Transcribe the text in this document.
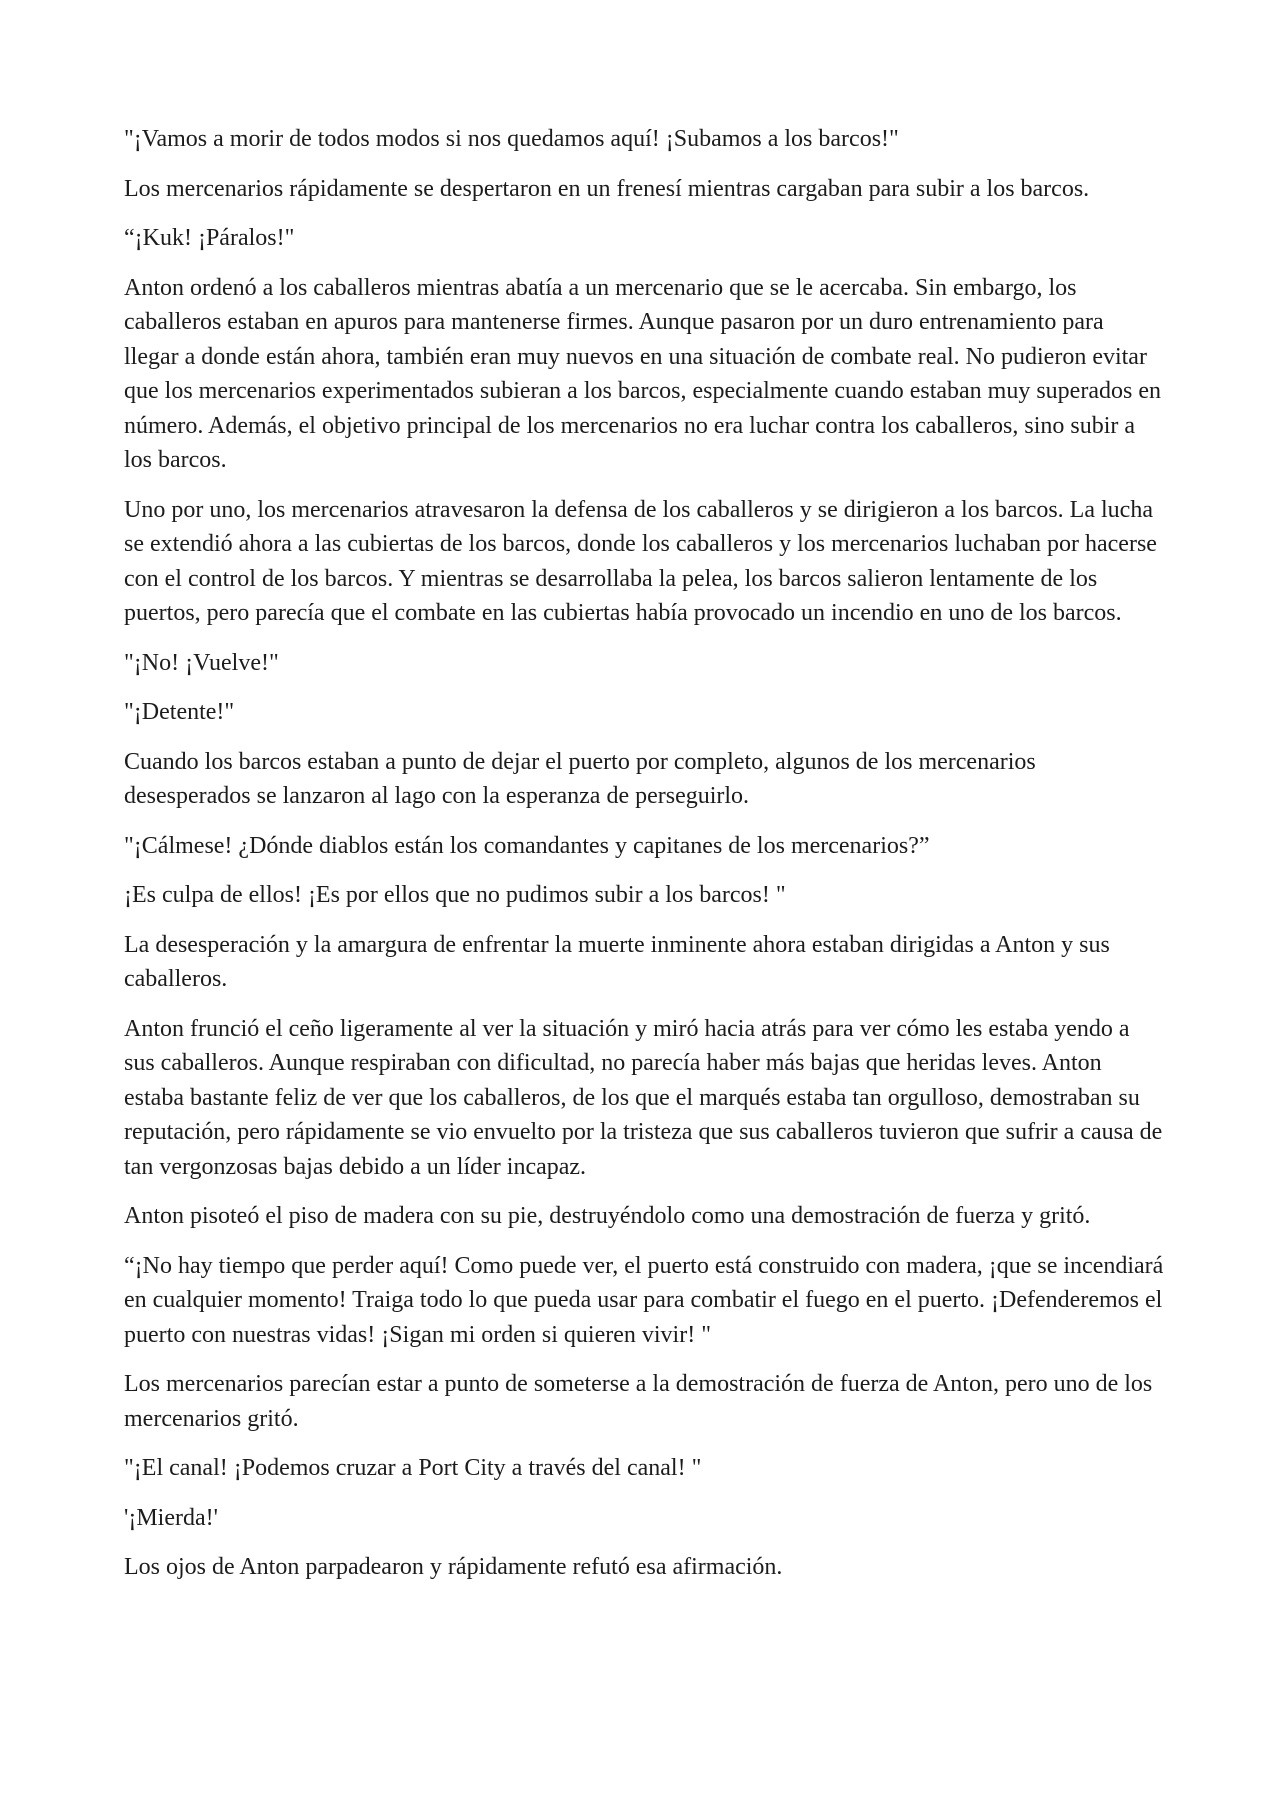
"¡Vamos a morir de todos modos si nos quedamos aquí! ¡Subamos a los barcos!"

Los mercenarios rápidamente se despertaron en un frenesí mientras cargaban para subir a los barcos.

“¡Kuk! ¡Páralos!"

Anton ordenó a los caballeros mientras abatía a un mercenario que se le acercaba. Sin embargo, los caballeros estaban en apuros para mantenerse firmes. Aunque pasaron por un duro entrenamiento para llegar a donde están ahora, también eran muy nuevos en una situación de combate real. No pudieron evitar que los mercenarios experimentados subieran a los barcos, especialmente cuando estaban muy superados en número. Además, el objetivo principal de los mercenarios no era luchar contra los caballeros, sino subir a los barcos.

Uno por uno, los mercenarios atravesaron la defensa de los caballeros y se dirigieron a los barcos. La lucha se extendió ahora a las cubiertas de los barcos, donde los caballeros y los mercenarios luchaban por hacerse con el control de los barcos. Y mientras se desarrollaba la pelea, los barcos salieron lentamente de los puertos, pero parecía que el combate en las cubiertas había provocado un incendio en uno de los barcos.

"¡No! ¡Vuelve!"

"¡Detente!"

Cuando los barcos estaban a punto de dejar el puerto por completo, algunos de los mercenarios desesperados se lanzaron al lago con la esperanza de perseguirlo.

"¡Cálmese! ¿Dónde diablos están los comandantes y capitanes de los mercenarios?”

¡Es culpa de ellos! ¡Es por ellos que no pudimos subir a los barcos! "

La desesperación y la amargura de enfrentar la muerte inminente ahora estaban dirigidas a Anton y sus caballeros.

Anton frunció el ceño ligeramente al ver la situación y miró hacia atrás para ver cómo les estaba yendo a sus caballeros. Aunque respiraban con dificultad, no parecía haber más bajas que heridas leves. Anton estaba bastante feliz de ver que los caballeros, de los que el marqués estaba tan orgulloso, demostraban su reputación, pero rápidamente se vio envuelto por la tristeza que sus caballeros tuvieron que sufrir a causa de tan vergonzosas bajas debido a un líder incapaz.

Anton pisoteó el piso de madera con su pie, destruyéndolo como una demostración de fuerza y gritó.

“¡No hay tiempo que perder aquí! Como puede ver, el puerto está construido con madera, ¡que se incendiará en cualquier momento! Traiga todo lo que pueda usar para combatir el fuego en el puerto. ¡Defenderemos el puerto con nuestras vidas! ¡Sigan mi orden si quieren vivir! "

Los mercenarios parecían estar a punto de someterse a la demostración de fuerza de Anton, pero uno de los mercenarios gritó.

"¡El canal! ¡Podemos cruzar a Port City a través del canal! "

'¡Mierda!'

Los ojos de Anton parpadearon y rápidamente refutó esa afirmación.
